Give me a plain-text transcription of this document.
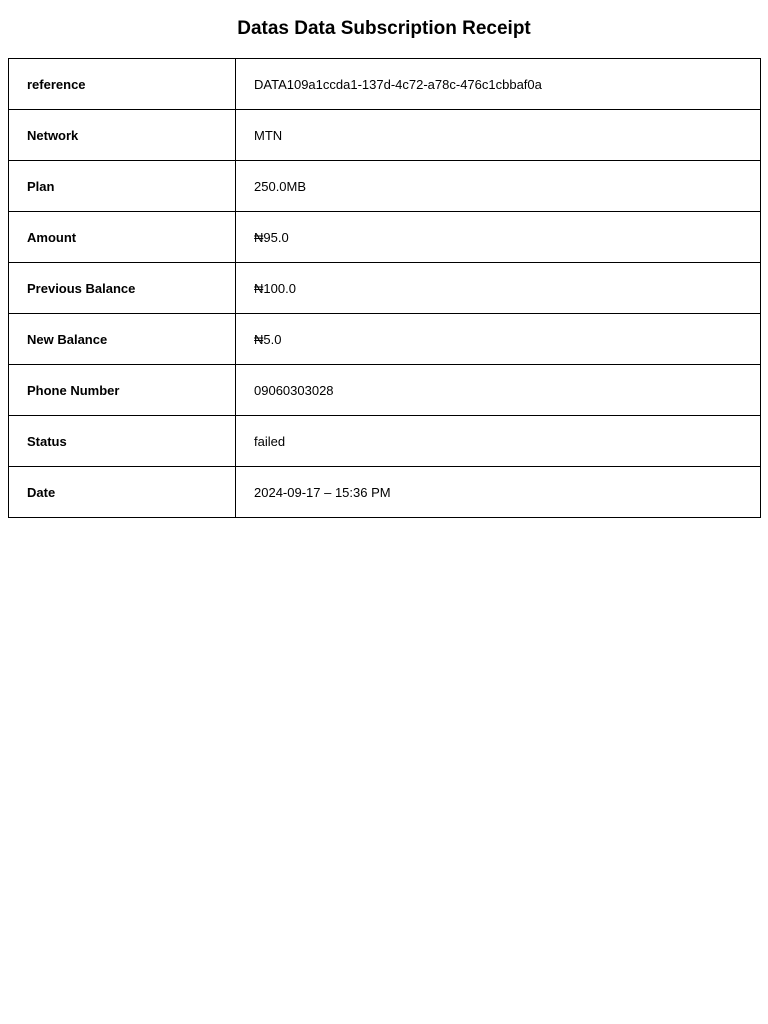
Datas Data Subscription Receipt
reference	DATA109a1ccda1-137d-4c72-a78c-476c1cbbaf0a
Network	MTN
Plan	250.0MB
Amount	₦95.0
Previous Balance	₦100.0
New Balance	₦5.0
Phone Number	09060303028
Status	failed
Date	2024-09-17 – 15:36 PM
